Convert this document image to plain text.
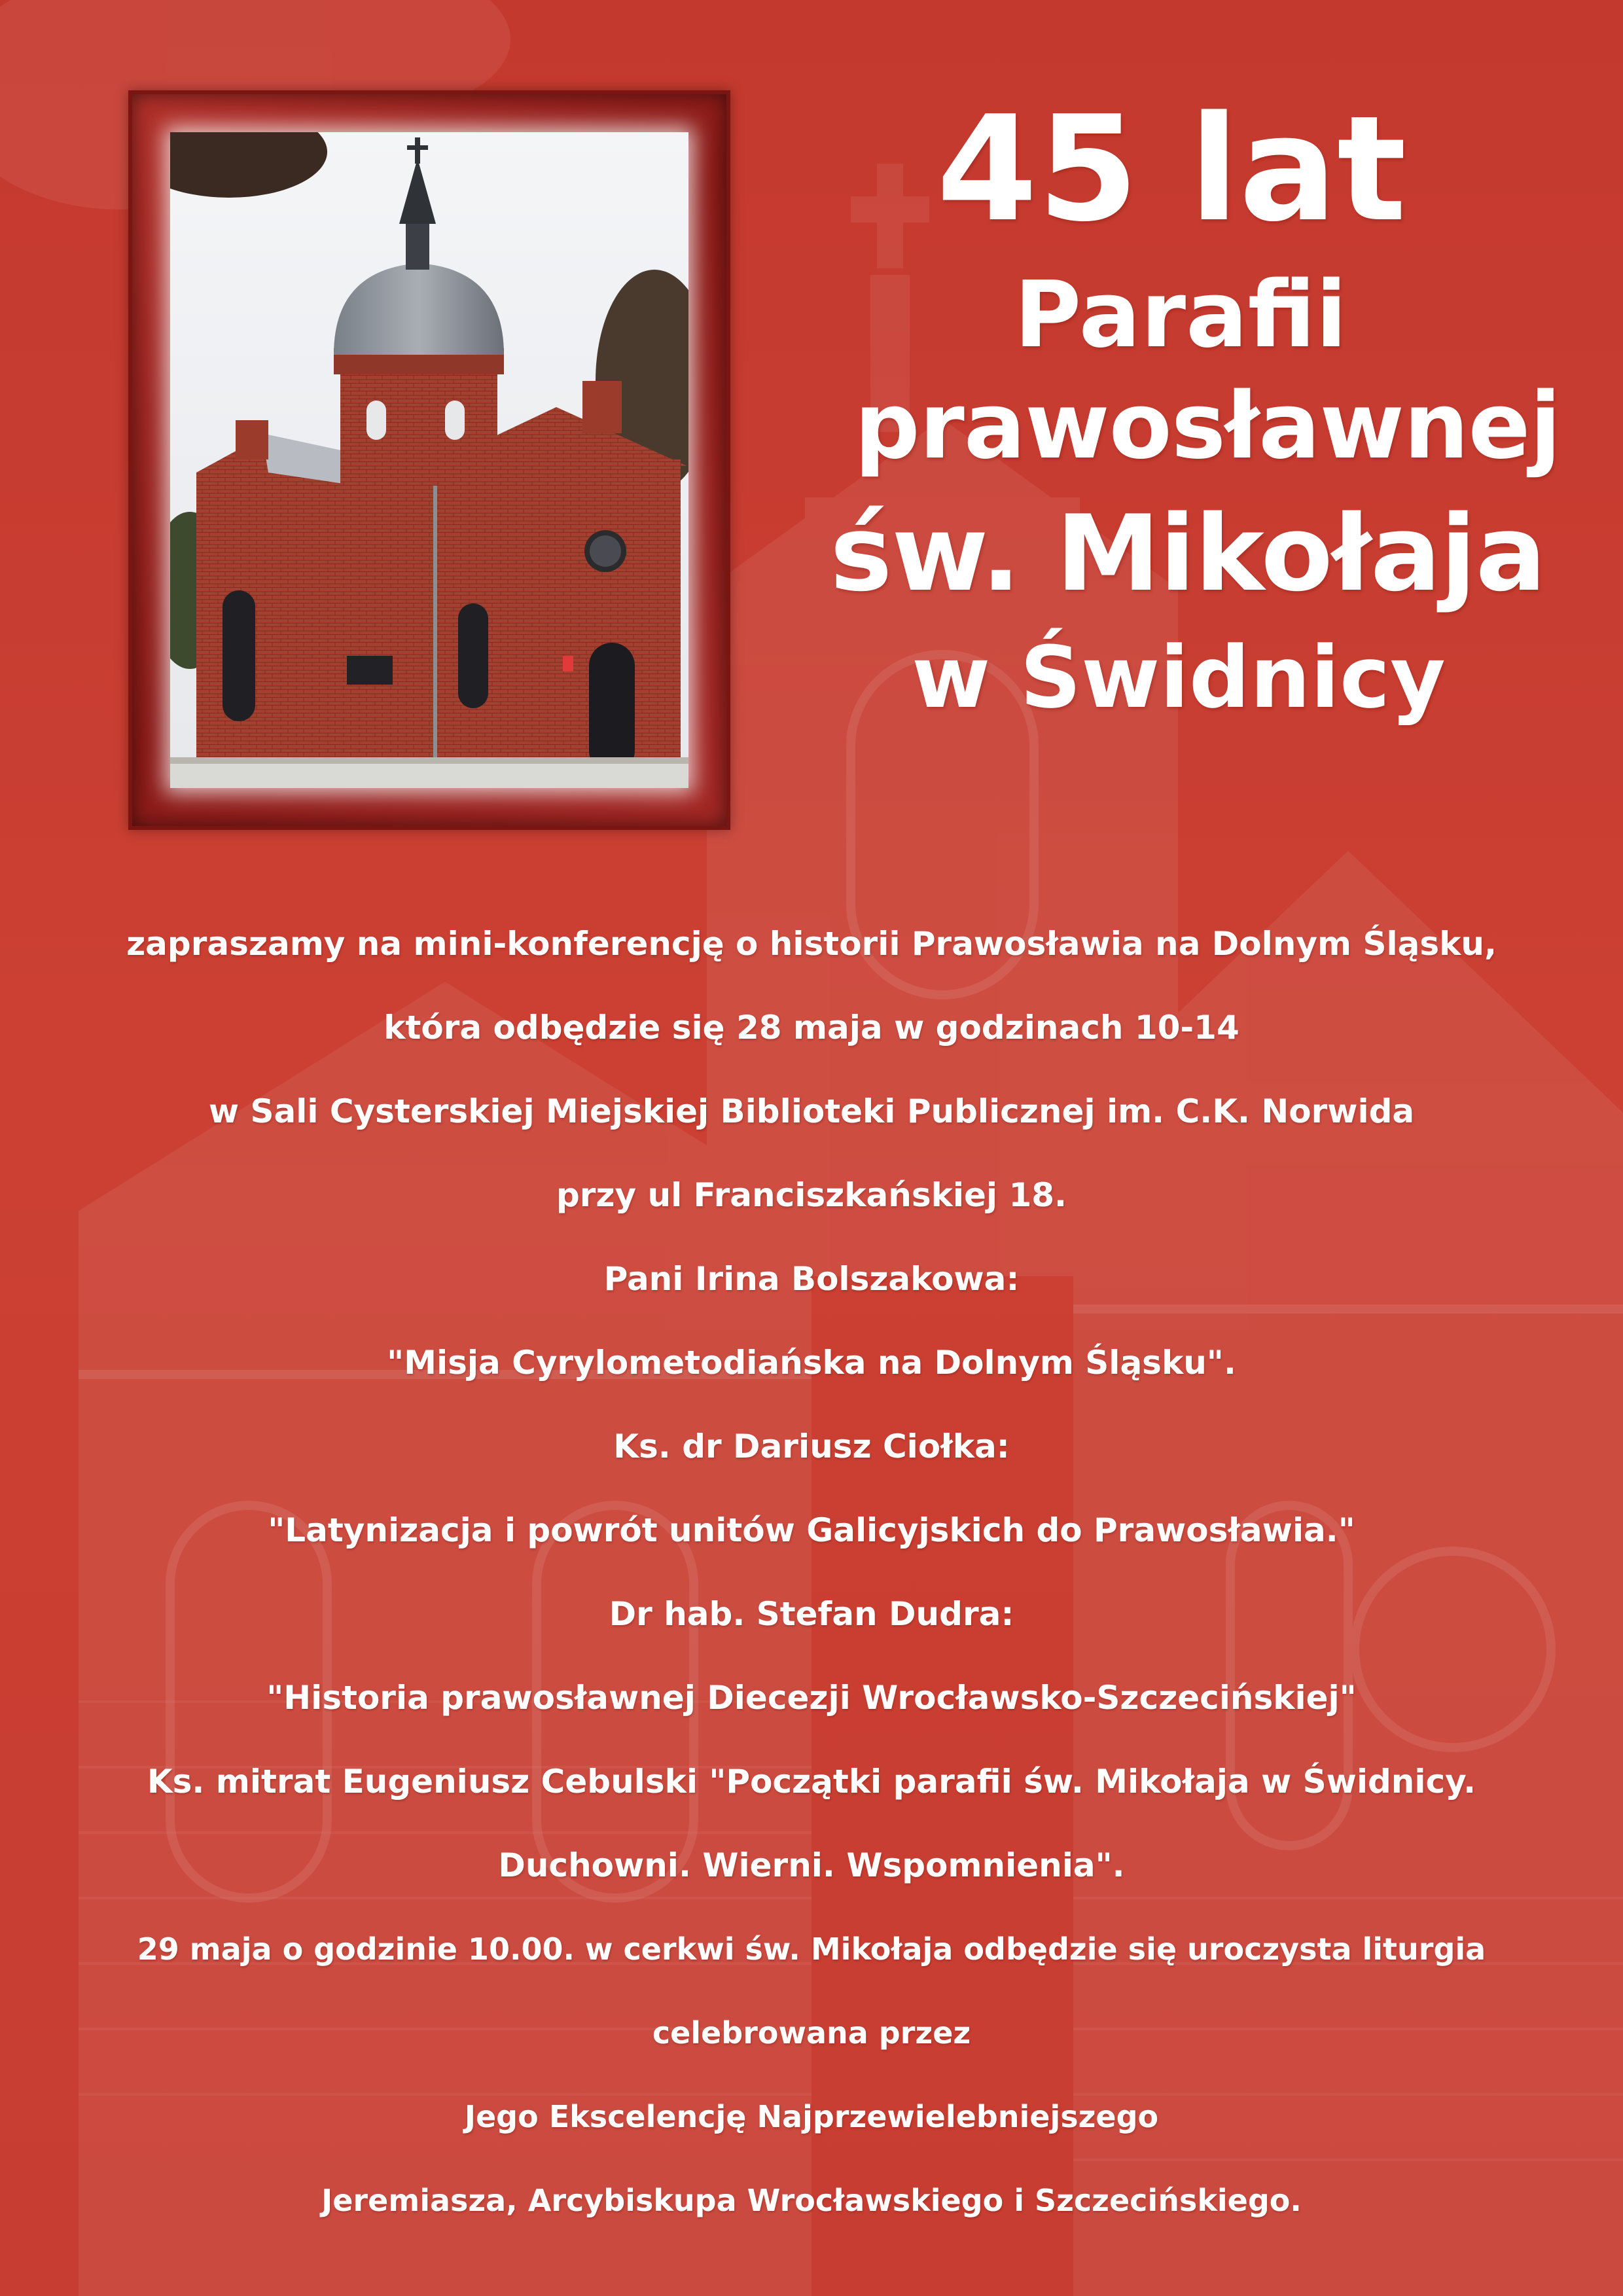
45 lat
Parafii
prawosławnej
św. Mikołaja
w Świdnicy
zapraszamy na mini-konferencję o historii Prawosławia na Dolnym Śląsku,
która odbędzie się 28 maja w godzinach 10-14
w Sali Cysterskiej Miejskiej Biblioteki Publicznej im. C.K. Norwida
przy ul Franciszkańskiej 18.
Pani Irina Bolszakowa:
"Misja Cyrylometodiańska na Dolnym Śląsku".
Ks. dr Dariusz Ciołka:
"Latynizacja i powrót unitów Galicyjskich do Prawosławia."
Dr hab. Stefan Dudra:
"Historia prawosławnej Diecezji Wrocławsko-Szczecińskiej"
Ks. mitrat Eugeniusz Cebulski "Początki parafii św. Mikołaja w Świdnicy.
Duchowni. Wierni. Wspomnienia".
29 maja o godzinie 10.00. w cerkwi św. Mikołaja odbędzie się uroczysta liturgia
celebrowana przez
Jego Ekscelencję Najprzewielebniejszego
Jeremiasza, Arcybiskupa Wrocławskiego i Szczecińskiego.
